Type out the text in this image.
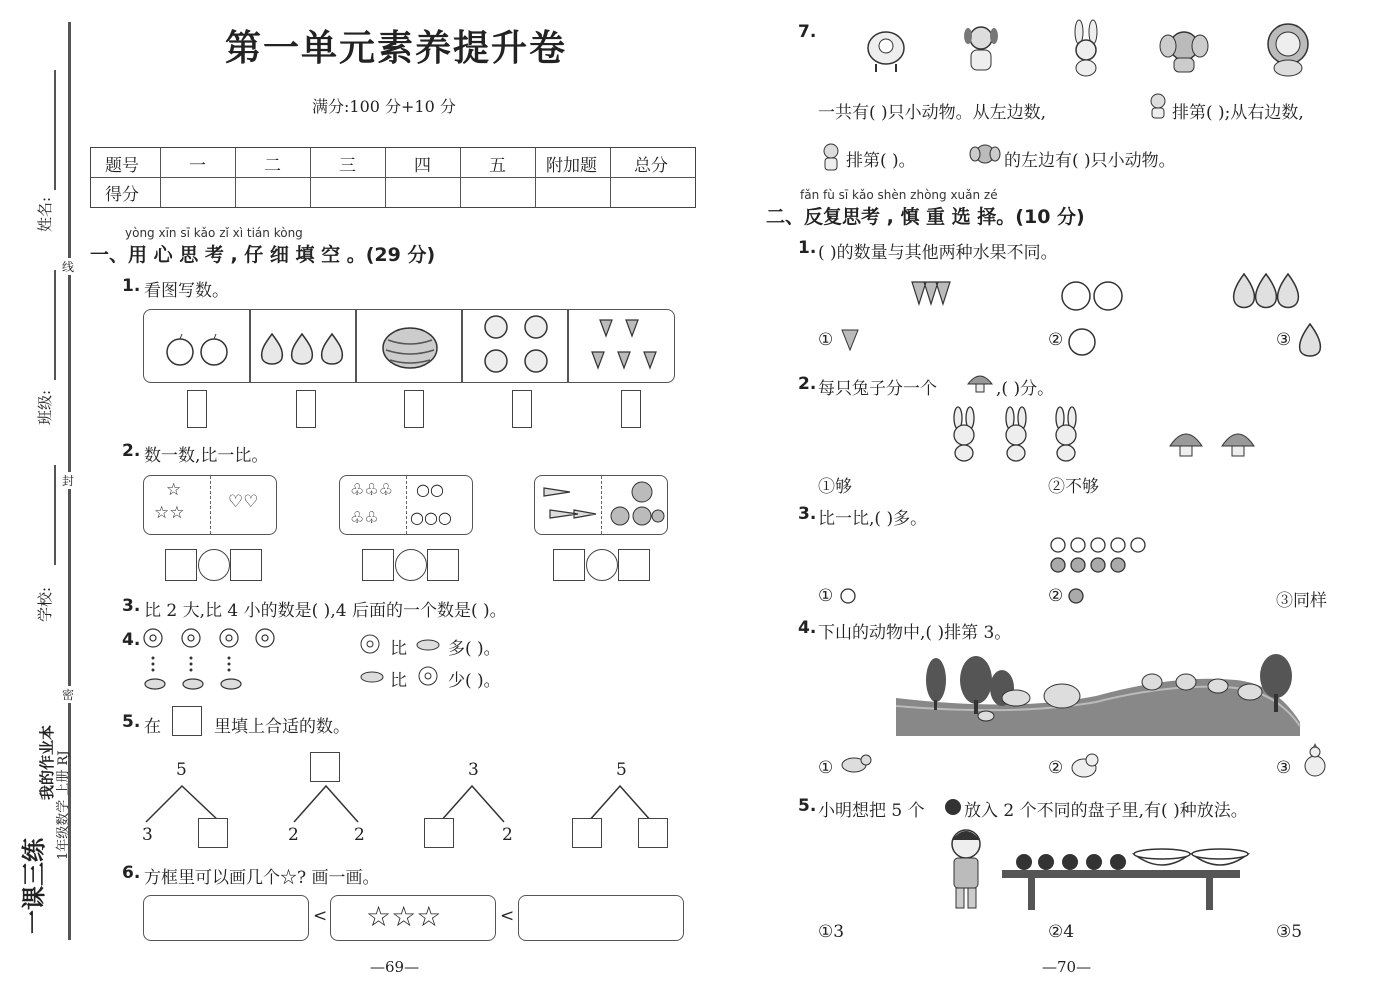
姓名:
班级:
学校:
线
封
密
一课三练
我的作业本 1年级数学 上册 RJ
第一单元素养提升卷
满分:100 分+10 分
题号	一	二	三	四	五 附加题 总分
得分
yòng xīn sī kǎo zǐ xì tián kòng
一、用 心 思 考 , 仔 细 填 空 。(29 分)
1. 看图写数。
2. 数一数,比一比。
☆
☆☆
♡♡
♧♧♧
♧♧
○○
○○○
3. 比 2 大,比 4 小的数是( ),4 后面的一个数是( )。
4.	比 多( )。
比 少( )。
5. 在	里填上合适的数。
5
3	2	2
3
2
5
6. 方框里可以画几个☆? 画一画。
< ☆☆☆	<
—69—
7.
一共有( )只小动物。从左边数,	排第( );从右边数,
排第( )。	的左边有( )只小动物。
fǎn fù sī kǎo shèn zhòng xuǎn zé
二、反复思考 , 慎 重 选 择。(10 分)
1. ( )的数量与其他两种水果不同。
①	②	③
2. 每只兔子分一个	,( )分。
①够	②不够
3. 比一比,( )多。
①	②	③同样
4. 下山的动物中,( )排第 3。
①	②	③
5. 小明想把 5 个 放入 2 个不同的盘子里,有( )种放法。
①3	②4	③5
—70—
